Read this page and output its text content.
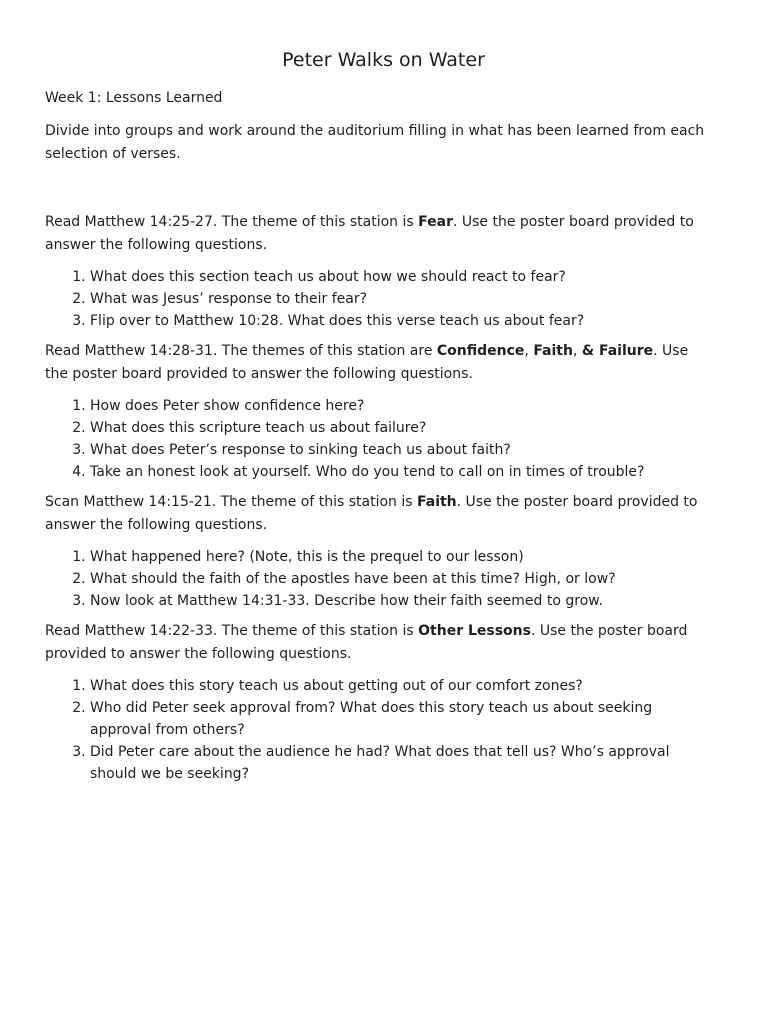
Peter Walks on Water

Week 1: Lessons Learned

Divide into groups and work around the auditorium filling in what has been learned from each selection of verses.

Read Matthew 14:25-27. The theme of this station is Fear. Use the poster board provided to answer the following questions.

1. What does this section teach us about how we should react to fear?
2. What was Jesus’ response to their fear?
3. Flip over to Matthew 10:28. What does this verse teach us about fear?

Read Matthew 14:28-31. The themes of this station are Confidence, Faith, & Failure. Use the poster board provided to answer the following questions.

1. How does Peter show confidence here?
2. What does this scripture teach us about failure?
3. What does Peter’s response to sinking teach us about faith?
4. Take an honest look at yourself. Who do you tend to call on in times of trouble?

Scan Matthew 14:15-21. The theme of this station is Faith. Use the poster board provided to answer the following questions.

1. What happened here? (Note, this is the prequel to our lesson)
2. What should the faith of the apostles have been at this time? High, or low?
3. Now look at Matthew 14:31-33. Describe how their faith seemed to grow.

Read Matthew 14:22-33. The theme of this station is Other Lessons. Use the poster board provided to answer the following questions.

1. What does this story teach us about getting out of our comfort zones?
2. Who did Peter seek approval from? What does this story teach us about seeking approval from others?
3. Did Peter care about the audience he had? What does that tell us? Who’s approval should we be seeking?
